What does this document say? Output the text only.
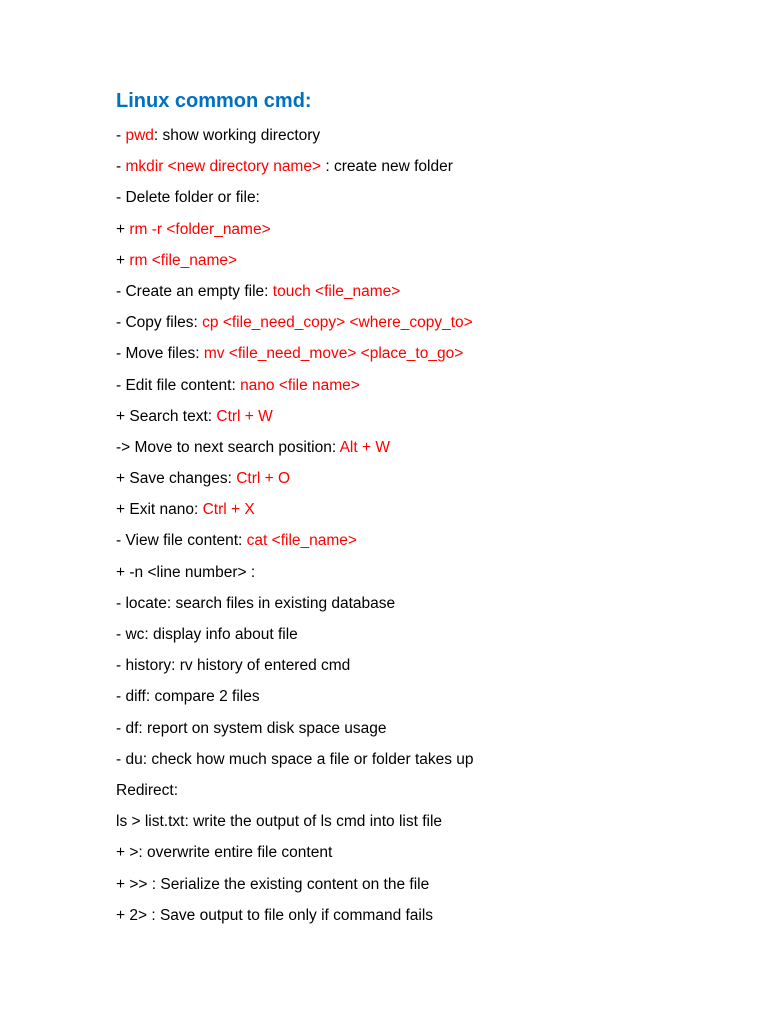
Linux common cmd:
- pwd: show working directory
- mkdir <new directory name> : create new folder
- Delete folder or file:
+ rm -r <folder_name>
+ rm <file_name>
- Create an empty file: touch <file_name>
- Copy files: cp <file_need_copy> <where_copy_to>
- Move files: mv <file_need_move> <place_to_go>
- Edit file content: nano <file name>
+ Search text: Ctrl + W
-> Move to next search position: Alt + W
+ Save changes: Ctrl + O
+ Exit nano: Ctrl + X
- View file content: cat <file_name>
+ -n <line number> :
- locate: search files in existing database
- wc: display info about file
- history: rv history of entered cmd
- diff: compare 2 files
- df: report on system disk space usage
- du: check how much space a file or folder takes up
Redirect:
ls > list.txt: write the output of ls cmd into list file
+ >: overwrite entire file content
+ >> : Serialize the existing content on the file
+ 2> : Save output to file only if command fails
